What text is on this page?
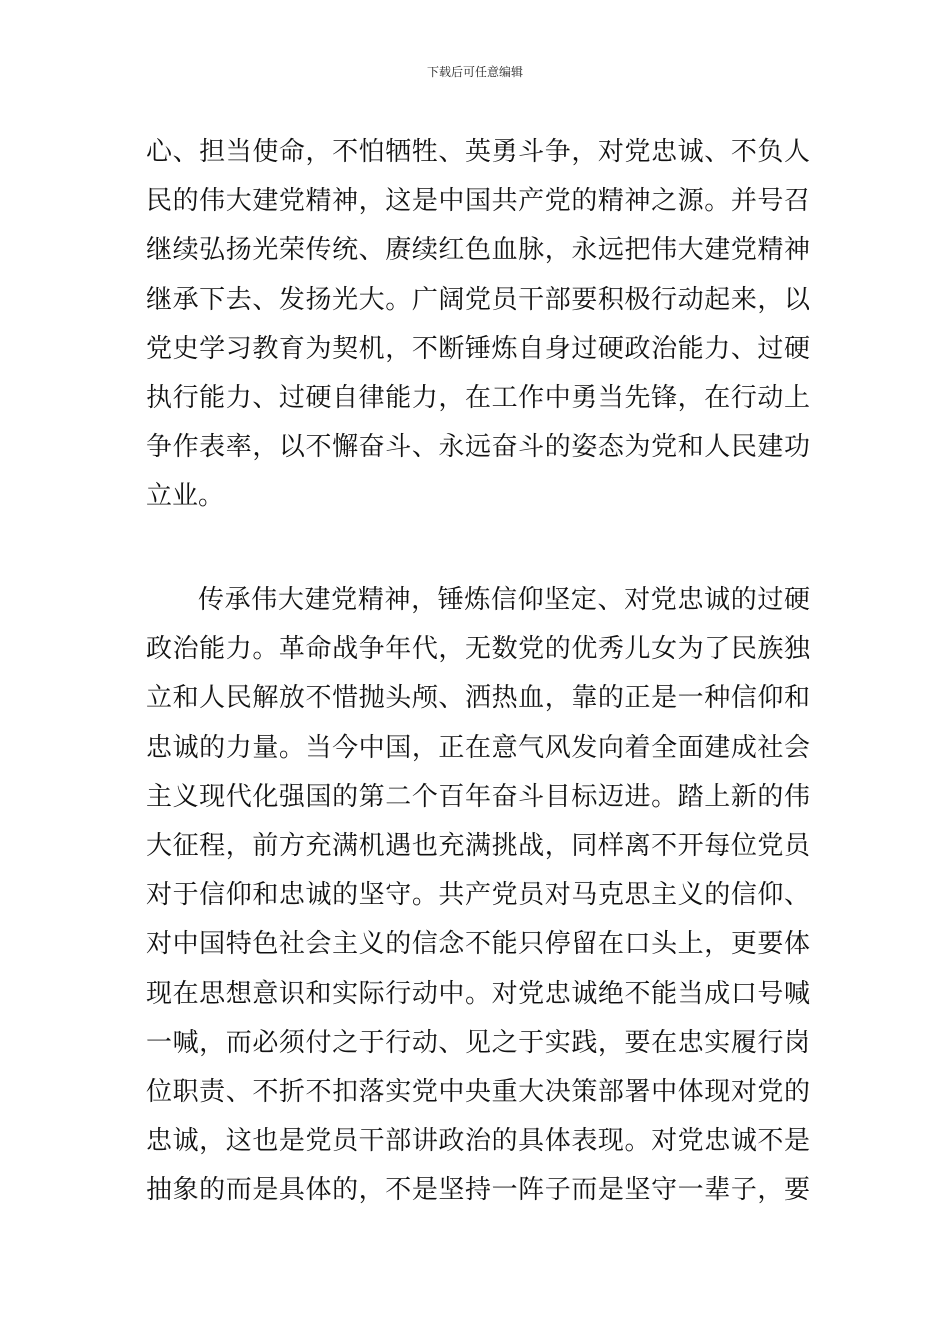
下载后可任意编辑
心、担当使命，不怕牺牲、英勇斗争，对党忠诚、不负人
民的伟大建党精神，这是中国共产党的精神之源。并号召
继续弘扬光荣传统、赓续红色血脉，永远把伟大建党精神
继承下去、发扬光大。广阔党员干部要积极行动起来，以
党史学习教育为契机，不断锤炼自身过硬政治能力、过硬
执行能力、过硬自律能力，在工作中勇当先锋，在行动上
争作表率，以不懈奋斗、永远奋斗的姿态为党和人民建功
立业。
传承伟大建党精神，锤炼信仰坚定、对党忠诚的过硬
政治能力。革命战争年代，无数党的优秀儿女为了民族独
立和人民解放不惜抛头颅、洒热血，靠的正是一种信仰和
忠诚的力量。当今中国，正在意气风发向着全面建成社会
主义现代化强国的第二个百年奋斗目标迈进。踏上新的伟
大征程，前方充满机遇也充满挑战，同样离不开每位党员
对于信仰和忠诚的坚守。共产党员对马克思主义的信仰、
对中国特色社会主义的信念不能只停留在口头上，更要体
现在思想意识和实际行动中。对党忠诚绝不能当成口号喊
一喊，而必须付之于行动、见之于实践，要在忠实履行岗
位职责、不折不扣落实党中央重大决策部署中体现对党的
忠诚，这也是党员干部讲政治的具体表现。对党忠诚不是
抽象的而是具体的，不是坚持一阵子而是坚守一辈子，要
